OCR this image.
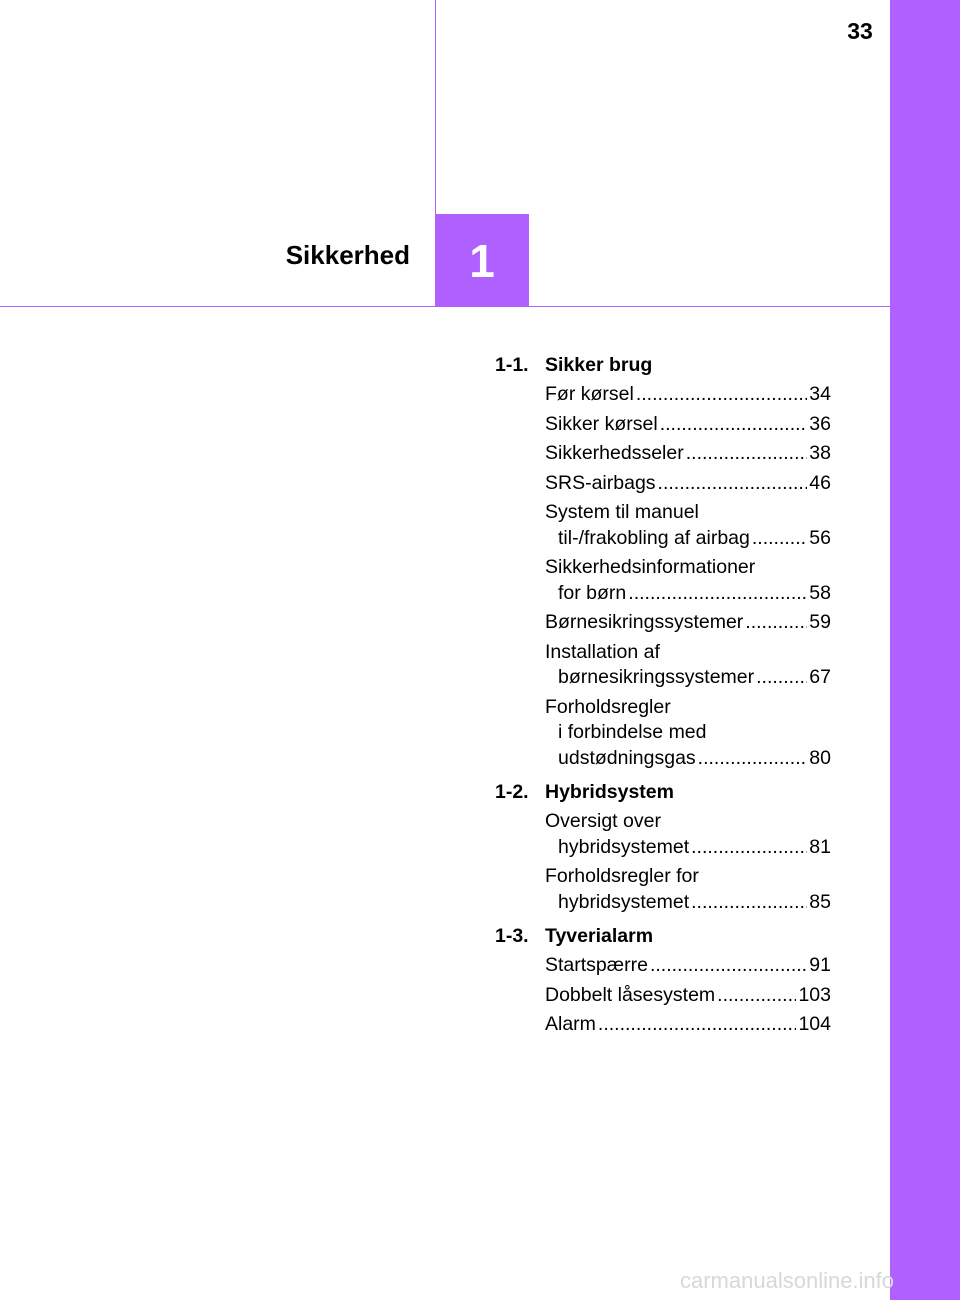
33
1
Sikkerhed
1-1. Sikker brug
Før kørsel .....	34
Sikker kørsel .....	36
Sikkerhedsseler .....	38
SRS-airbags .....	46
System til manuel
til-/frakobling af airbag .....	56
Sikkerhedsinformationer
for børn .....	58
Børnesikringssystemer .....	59
Installation af
børnesikringssystemer .....	67
Forholdsregler
i forbindelse med
udstødningsgas .....	80
1-2. Hybridsystem
Oversigt over
hybridsystemet .....	81
Forholdsregler for
hybridsystemet .....	85
1-3. Tyverialarm
Startspærre .....	91
Dobbelt låsesystem .....	103
Alarm .....	104
carmanualsonline.info
